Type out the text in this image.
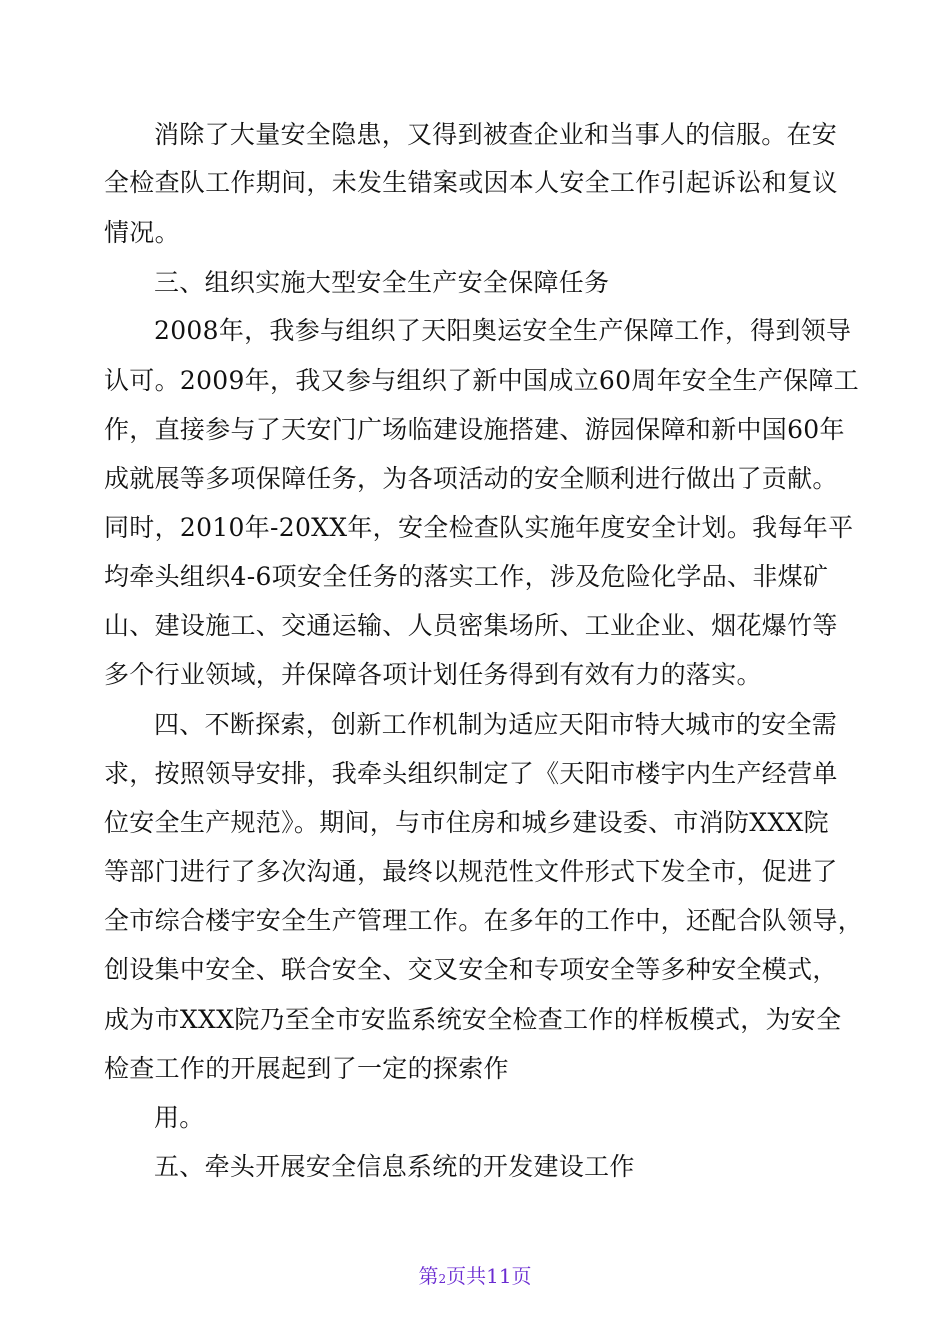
消除了大量安全隐患，又得到被查企业和当事人的信服。在安
全检查队工作期间，未发生错案或因本人安全工作引起诉讼和复议
情况。
三、组织实施大型安全生产安全保障任务
2008年，我参与组织了天阳奥运安全生产保障工作，得到领导
认可。2009年，我又参与组织了新中国成立60周年安全生产保障工
作，直接参与了天安门广场临建设施搭建、游园保障和新中国60年
成就展等多项保障任务，为各项活动的安全顺利进行做出了贡献。
同时，2010年-20XX年，安全检查队实施年度安全计划。我每年平
均牵头组织4-6项安全任务的落实工作，涉及危险化学品、非煤矿
山、建设施工、交通运输、人员密集场所、工业企业、烟花爆竹等
多个行业领域，并保障各项计划任务得到有效有力的落实。
四、不断探索，创新工作机制为适应天阳市特大城市的安全需
求，按照领导安排，我牵头组织制定了《天阳市楼宇内生产经营单
位安全生产规范》。期间，与市住房和城乡建设委、市消防XXX院
等部门进行了多次沟通，最终以规范性文件形式下发全市，促进了
全市综合楼宇安全生产管理工作。在多年的工作中，还配合队领导，
创设集中安全、联合安全、交叉安全和专项安全等多种安全模式，
成为市XXX院乃至全市安监系统安全检查工作的样板模式，为安全
检查工作的开展起到了一定的探索作
用。
五、牵头开展安全信息系统的开发建设工作
第2页共11页
